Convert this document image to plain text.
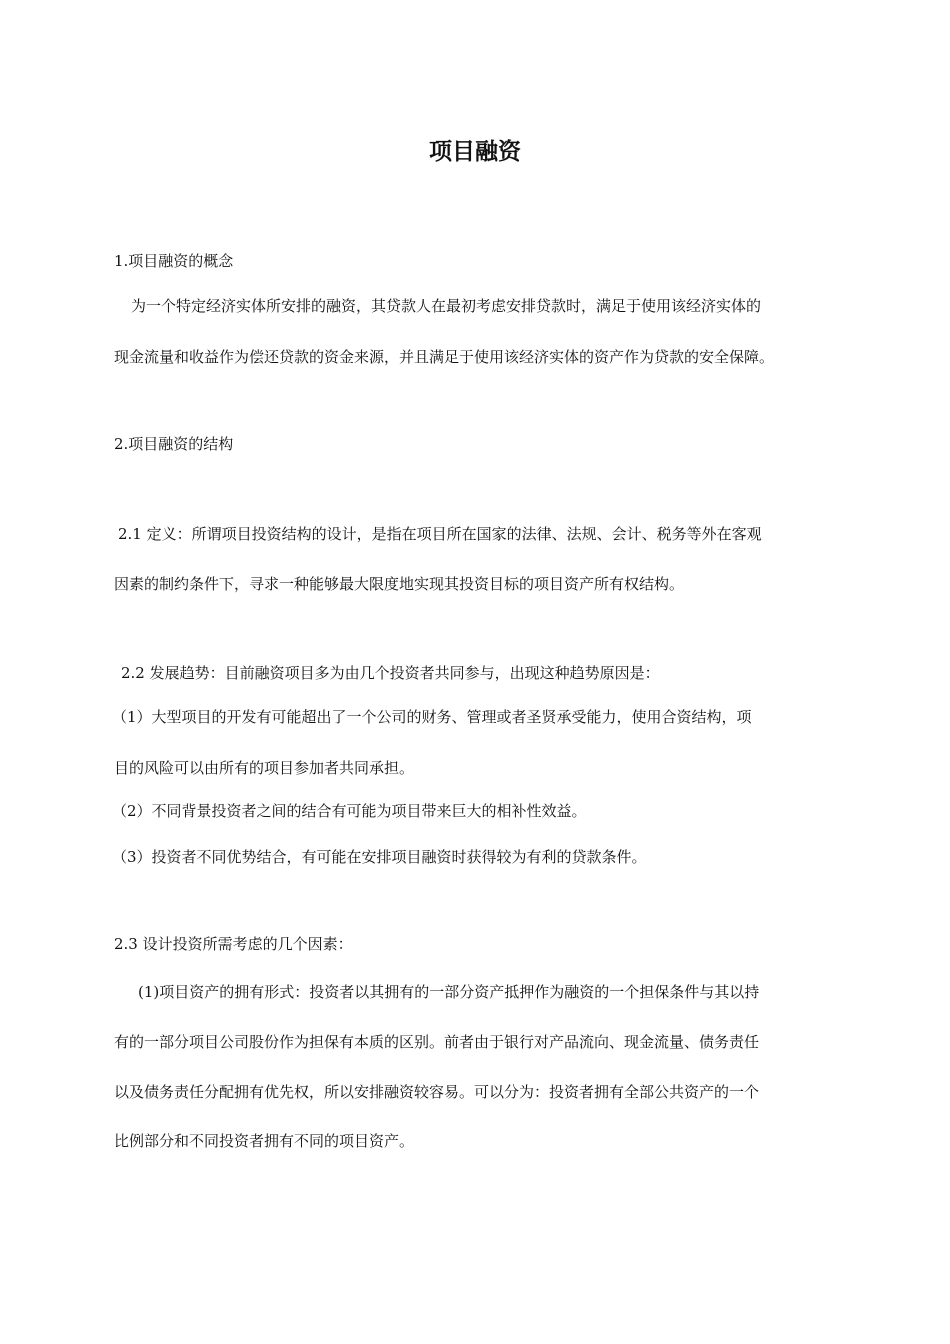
项目融资

1.项目融资的概念

为一个特定经济实体所安排的融资，其贷款人在最初考虑安排贷款时，满足于使用该经济实体的

现金流量和收益作为偿还贷款的资金来源，并且满足于使用该经济实体的资产作为贷款的安全保障。

2.项目融资的结构

2.1 定义：所谓项目投资结构的设计，是指在项目所在国家的法律、法规、会计、税务等外在客观

因素的制约条件下，寻求一种能够最大限度地实现其投资目标的项目资产所有权结构。

2.2 发展趋势：目前融资项目多为由几个投资者共同参与，出现这种趋势原因是：

（1）大型项目的开发有可能超出了一个公司的财务、管理或者圣贤承受能力，使用合资结构，项

目的风险可以由所有的项目参加者共同承担。

（2）不同背景投资者之间的结合有可能为项目带来巨大的相补性效益。

（3）投资者不同优势结合，有可能在安排项目融资时获得较为有利的贷款条件。

2.3 设计投资所需考虑的几个因素：

(1)项目资产的拥有形式：投资者以其拥有的一部分资产抵押作为融资的一个担保条件与其以持

有的一部分项目公司股份作为担保有本质的区别。前者由于银行对产品流向、现金流量、债务责任

以及债务责任分配拥有优先权，所以安排融资较容易。可以分为：投资者拥有全部公共资产的一个

比例部分和不同投资者拥有不同的项目资产。
